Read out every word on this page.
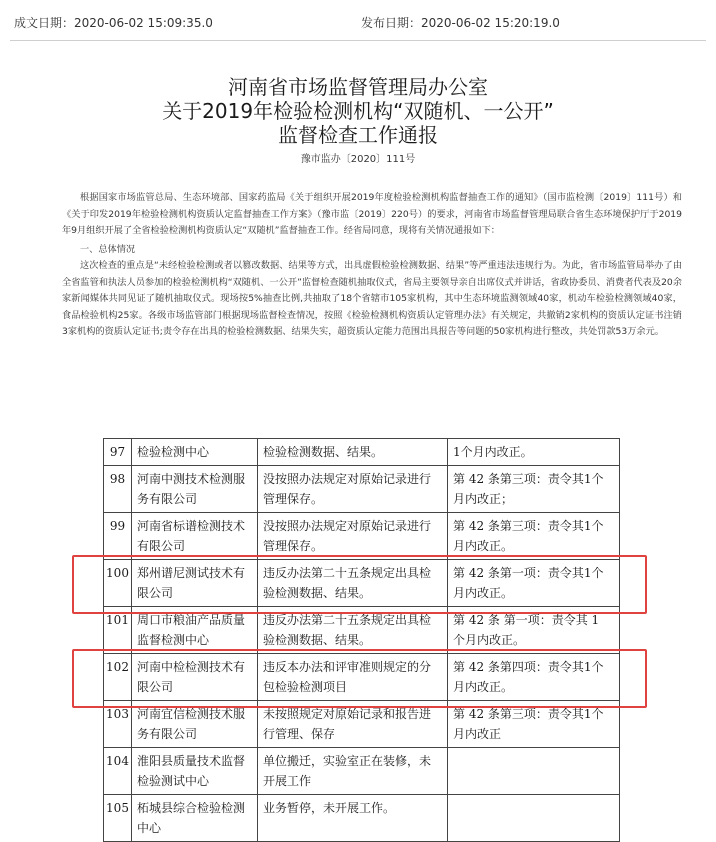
成文日期：2020-06-02 15:09:35.0	发布日期：2020-06-02 15:20:19.0
河南省市场监督管理局办公室
关于2019年检验检测机构“双随机、一公开”
监督检查工作通报
豫市监办〔2020〕111号

根据国家市场监管总局、生态环境部、国家药监局《关于组织开展2019年度检验检测机构监督抽查工作的通知》（国市监检测〔2019〕111号）和《关于印发2019年检验检测机构资质认定监督抽查工作方案》（豫市监〔2019〕220号）的要求，河南省市场监督管理局联合省生态环境保护厅于2019年9月组织开展了全省检验检测机构资质认定“双随机”监督抽查工作。经省局同意，现将有关情况通报如下：

一、总体情况

这次检查的重点是“未经检验检测或者以篡改数据、结果等方式，出具虚假检验检测数据、结果”等严重违法违规行为。为此，省市场监管局举办了由全省监管和执法人员参加的检验检测机构“双随机、一公开”监督检查随机抽取仪式，省局主要领导亲自出席仪式并讲话，省政协委员、消费者代表及20余家新闻媒体共同见证了随机抽取仪式。现场按5%抽查比例,共抽取了18个省辖市105家机构，其中生态环境监测领域40家，机动车检验检测领域40家，食品检验机构25家。各级市场监管部门根据现场监督检查情况，按照《检验检测机构资质认定管理办法》有关规定，共撤销2家机构的资质认定证书注销3家机构的资质认定证书;责令存在出具的检验检测数据、结果失实，超资质认定能力范围出具报告等问题的50家机构进行整改，共处罚款53万余元。

97	检验检测中心	检验检测数据、结果。	1个月内改正。
98	河南中测技术检测服务有限公司	没按照办法规定对原始记录进行管理保存。	第 42 条第三项：责令其1个月内改正；
99	河南省标谱检测技术有限公司	没按照办法规定对原始记录进行管理保存。	第 42 条第三项：责令其1个月内改正。
100	郑州谱尼测试技术有限公司	违反办法第二十五条规定出具检验检测数据、结果。	第 42 条第一项：责令其1个月内改正。
101	周口市粮油产品质量监督检测中心	违反办法第二十五条规定出具检验检测数据、结果。	第 42 条 第一项：责令其 1 个月内改正。
102	河南中检检测技术有限公司	违反本办法和评审准则规定的分包检验检测项目	第 42 条第四项：责令其1个月内改正。
103	河南宜信检测技术服务有限公司	未按照规定对原始记录和报告进行管理、保存	第 42 条第三项：责令其1个月内改正
104	淮阳县质量技术监督检验测试中心	单位搬迁，实验室正在装修，未开展工作	
105	柘城县综合检验检测中心	业务暂停，未开展工作。	
